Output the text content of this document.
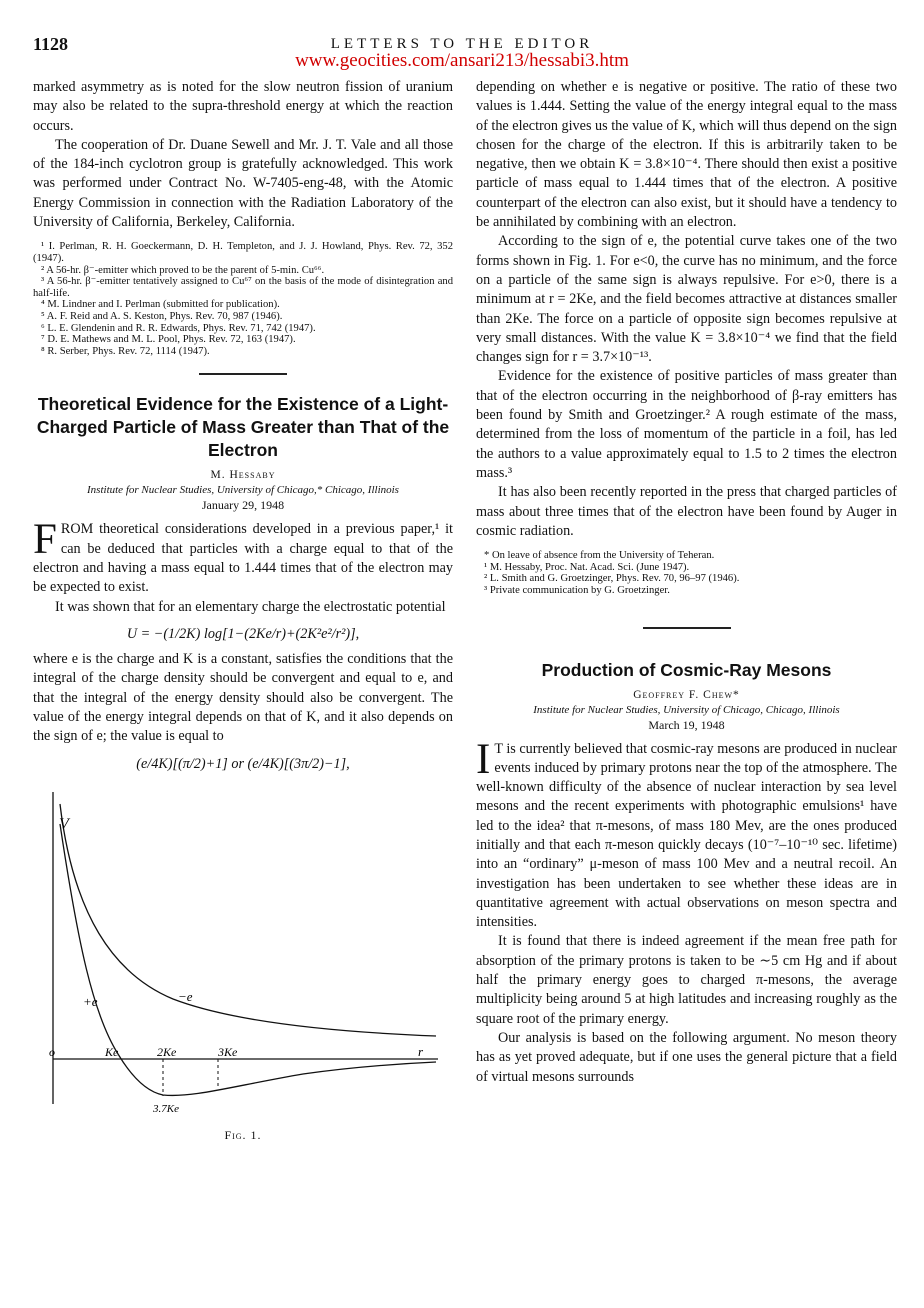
1128	LETTERS TO THE EDITOR
www.geocities.com/ansari213/hessabi3.htm

marked asymmetry as is noted for the slow neutron fission of uranium may also be related to the supra-threshold energy at which the reaction occurs.

The cooperation of Dr. Duane Sewell and Mr. J. T. Vale and all those of the 184-inch cyclotron group is gratefully acknowledged. This work was performed under Contract No. W-7405-eng-48, with the Atomic Energy Commission in connection with the Radiation Laboratory of the University of California, Berkeley, California.

¹ I. Perlman, R. H. Goeckermann, D. H. Templeton, and J. J. Howland, Phys. Rev. 72, 352 (1947).
² A 56-hr. β⁻-emitter which proved to be the parent of 5-min. Cu⁶⁶.
³ A 56-hr. β⁻-emitter tentatively assigned to Cu⁶⁷ on the basis of the mode of disintegration and half-life.
⁴ M. Lindner and I. Perlman (submitted for publication).
⁵ A. F. Reid and A. S. Keston, Phys. Rev. 70, 987 (1946).
⁶ L. E. Glendenin and R. R. Edwards, Phys. Rev. 71, 742 (1947).
⁷ D. E. Mathews and M. L. Pool, Phys. Rev. 72, 163 (1947).
⁸ R. Serber, Phys. Rev. 72, 1114 (1947).
Theoretical Evidence for the Existence of a Light-Charged Particle of Mass Greater than That of the Electron
M. Hessaby
Institute for Nuclear Studies, University of Chicago,* Chicago, Illinois
January 29, 1948

FROM theoretical considerations developed in a previous paper,¹ it can be deduced that particles with a charge equal to that of the electron and having a mass equal to 1.444 times that of the electron may be expected to exist.

It was shown that for an elementary charge the electrostatic potential

U = −(1/2K) log[1−(2Ke/r)+(2K²e²/r²)],

where e is the charge and K is a constant, satisfies the conditions that the integral of the charge density should be convergent and equal to e, and that the integral of the energy density should also be convergent. The value of the energy integral depends on that of K, and it also depends on the sign of e; the value is equal to

(e/4K)[(π/2)+1] or (e/4K)[(3π/2)−1],
V
r
o
+e	−e
Ke	2Ke	3Ke
3.7Ke
Fig. 1.

depending on whether e is negative or positive. The ratio of these two values is 1.444. Setting the value of the energy integral equal to the mass of the electron gives us the value of K, which will thus depend on the sign chosen for the charge of the electron. If this is arbitrarily taken to be negative, then we obtain K = 3.8×10⁻⁴. There should then exist a positive particle of mass equal to 1.444 times that of the electron. A positive counterpart of the electron can also exist, but it should have a tendency to be annihilated by combining with an electron.

According to the sign of e, the potential curve takes one of the two forms shown in Fig. 1. For e<0, the curve has no minimum, and the force on a particle of the same sign is always repulsive. For e>0, there is a minimum at r = 2Ke, and the field becomes attractive at distances smaller than 2Ke. The force on a particle of opposite sign becomes repulsive at very small distances. With the value K = 3.8×10⁻⁴ we find that the field changes sign for r = 3.7×10⁻¹³.

Evidence for the existence of positive particles of mass greater than that of the electron occurring in the neighborhood of β-ray emitters has been found by Smith and Groetzinger.² A rough estimate of the mass, determined from the loss of momentum of the particle in a foil, has led the authors to a value approximately equal to 1.5 to 2 times the electron mass.³

It has also been recently reported in the press that charged particles of mass about three times that of the electron have been found by Auger in cosmic radiation.

* On leave of absence from the University of Teheran.
¹ M. Hessaby, Proc. Nat. Acad. Sci. (June 1947).
² L. Smith and G. Groetzinger, Phys. Rev. 70, 96–97 (1946).
³ Private communication by G. Groetzinger.
Production of Cosmic-Ray Mesons
Geoffrey F. Chew*
Institute for Nuclear Studies, University of Chicago, Chicago, Illinois
March 19, 1948

I T is currently believed that cosmic-ray mesons are produced in nuclear events induced by primary protons near the top of the atmosphere. The well-known difficulty of the absence of nuclear interaction by sea level mesons and the recent experiments with photographic emulsions¹ have led to the idea² that π-mesons, of mass 180 Mev, are the ones produced initially and that each π-meson quickly decays (10⁻⁷–10⁻¹⁰ sec. lifetime) into an “ordinary” μ-meson of mass 100 Mev and a neutral recoil. An investigation has been undertaken to see whether these ideas are in quantitative agreement with actual observations on meson spectra and intensities.

It is found that there is indeed agreement if the mean free path for absorption of the primary protons is taken to be ∼5 cm Hg and if about half the primary energy goes to charged π-mesons, the average multiplicity being around 5 at high latitudes and increasing roughly as the square root of the primary energy.

Our analysis is based on the following argument. No meson theory has as yet proved adequate, but if one uses the general picture that a field of virtual mesons surrounds
